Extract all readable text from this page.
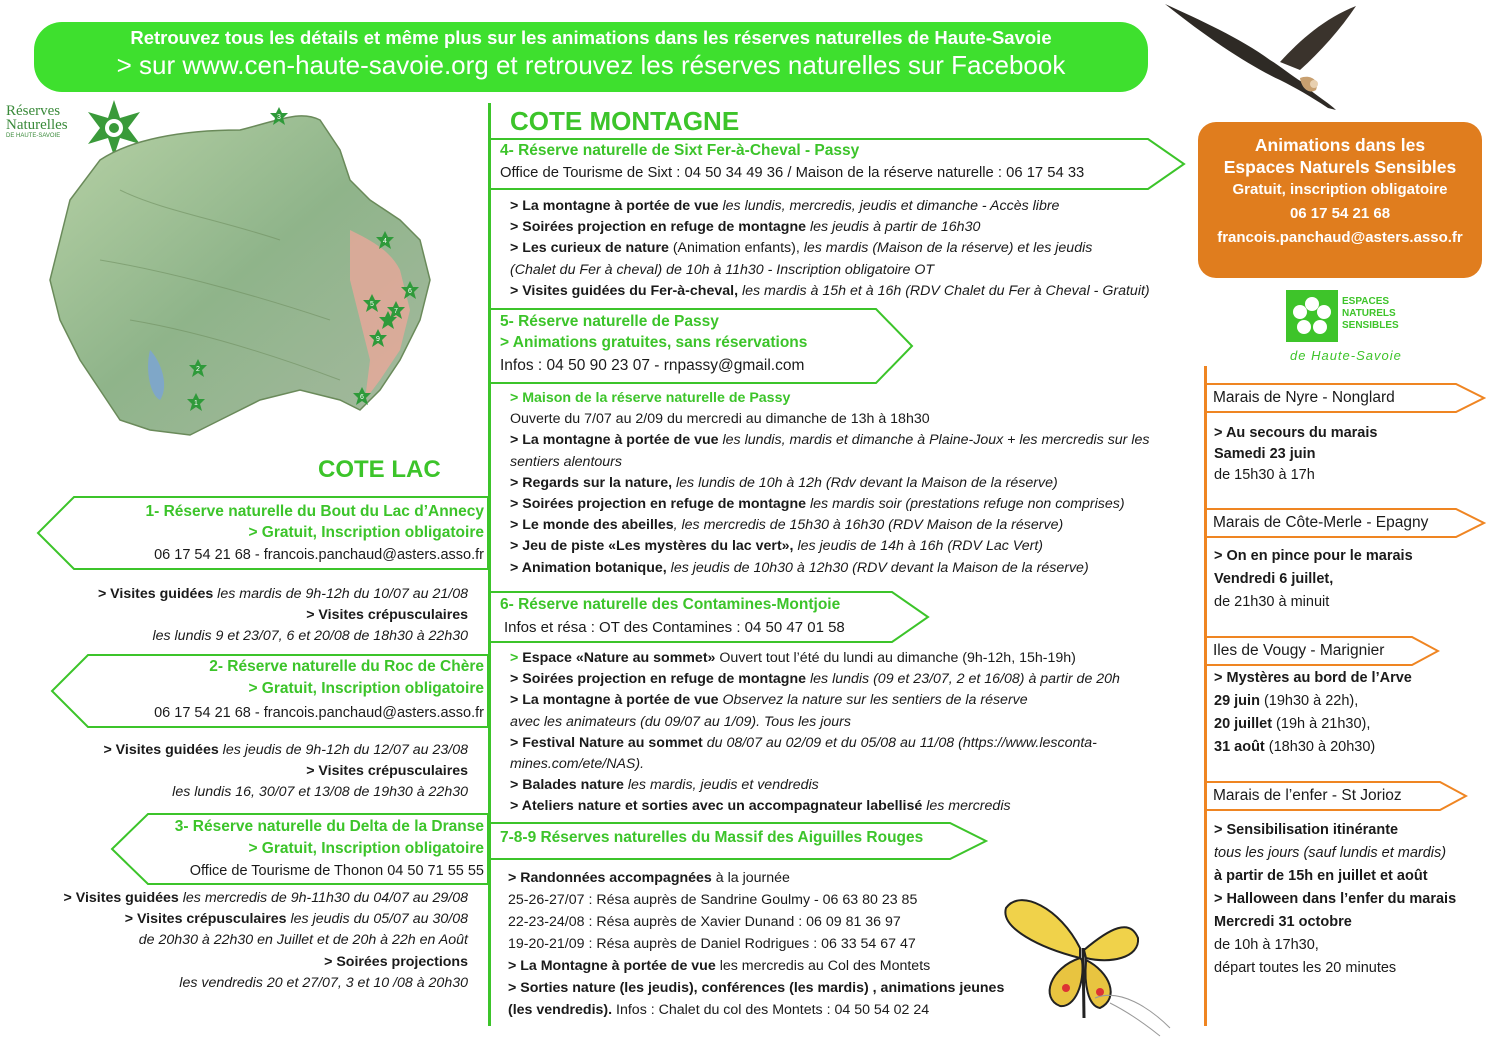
Retrouvez tous les détails et même plus sur les animations dans les réserves naturelles de Haute-Savoie
> sur www.cen-haute-savoie.org et retrouvez les réserves naturelles sur Facebook
Réserves
Naturelles
DE HAUTE-SAVOIE
3
4
5
6
7
9
2
1
6
COTE LAC
1- Réserve naturelle du Bout du Lac d’Annecy
> Gratuit, Inscription obligatoire
06 17 54 21 68 - francois.panchaud@asters.asso.fr
> Visites guidées les mardis de 9h-12h du 10/07 au 21/08
> Visites crépusculaires
les lundis 9 et 23/07, 6 et 20/08 de 18h30 à 22h30
2- Réserve naturelle du Roc de Chère
> Gratuit, Inscription obligatoire
06 17 54 21 68 - francois.panchaud@asters.asso.fr
> Visites guidées les jeudis de 9h-12h du 12/07 au 23/08
> Visites crépusculaires
les lundis 16, 30/07 et 13/08 de 19h30 à 22h30
3- Réserve naturelle du Delta de la Dranse
> Gratuit, Inscription obligatoire
Office de Tourisme de Thonon 04 50 71 55 55
> Visites guidées les mercredis de 9h-11h30 du 04/07 au 29/08
> Visites crépusculaires les jeudis du 05/07 au 30/08
de 20h30 à 22h30 en Juillet et de 20h à 22h en Août
> Soirées projections
les vendredis 20 et 27/07, 3 et 10 /08 à 20h30
COTE MONTAGNE
4- Réserve naturelle de Sixt Fer-à-Cheval - Passy
Office de Tourisme de Sixt : 04 50 34 49 36 / Maison de la réserve naturelle : 06 17 54 33
> La montagne à portée de vue les lundis, mercredis, jeudis et dimanche - Accès libre
> Soirées projection en refuge de montagne les jeudis à partir de 16h30
> Les curieux de nature (Animation enfants), les mardis (Maison de la réserve) et les jeudis
(Chalet du Fer à cheval) de 10h à 11h30 - Inscription obligatoire OT
> Visites guidées du Fer-à-cheval, les mardis à 15h et à 16h (RDV Chalet du Fer à Cheval - Gratuit)
5- Réserve naturelle de Passy
> Animations gratuites, sans réservations
Infos : 04 50 90 23 07 - rnpassy@gmail.com
> Maison de la réserve naturelle de Passy
Ouverte du 7/07 au 2/09 du mercredi au dimanche de 13h à 18h30
> La montagne à portée de vue les lundis, mardis et dimanche à Plaine-Joux + les mercredis sur les
sentiers alentours
> Regards sur la nature, les lundis de 10h à 12h (Rdv devant la Maison de la réserve)
> Soirées projection en refuge de montagne les mardis soir (prestations refuge non comprises)
> Le monde des abeilles, les mercredis de 15h30 à 16h30 (RDV Maison de la réserve)
> Jeu de piste «Les mystères du lac vert», les jeudis de 14h à 16h (RDV Lac Vert)
> Animation botanique, les jeudis de 10h30 à 12h30 (RDV devant la Maison de la réserve)
6- Réserve naturelle des Contamines-Montjoie
Infos et résa : OT des Contamines : 04 50 47 01 58
> Espace «Nature au sommet» Ouvert tout l’été du lundi au dimanche (9h-12h, 15h-19h)
> Soirées projection en refuge de montagne les lundis (09 et 23/07, 2 et 16/08) à partir de 20h
> La montagne à portée de vue Observez la nature sur les sentiers de la réserve
avec les animateurs (du 09/07 au 1/09). Tous les jours
> Festival Nature au sommet du 08/07 au 02/09 et du 05/08 au 11/08 (https://www.lesconta-
mines.com/ete/NAS).
> Balades nature les mardis, jeudis et vendredis
> Ateliers nature et sorties avec un accompagnateur labellisé les mercredis
7-8-9 Réserves naturelles du Massif des Aiguilles Rouges
> Randonnées accompagnées à la journée
25-26-27/07 : Résa auprès de Sandrine Goulmy - 06 63 80 23 85
22-23-24/08 : Résa auprès de Xavier Dunand : 06 09 81 36 97
19-20-21/09 : Résa auprès de Daniel Rodrigues : 06 33 54 67 47
> La Montagne à portée de vue les mercredis au Col des Montets
> Sorties nature (les jeudis), conférences (les mardis) , animations jeunes
(les vendredis). Infos : Chalet du col des Montets : 04 50 54 02 24
Animations dans les
Espaces Naturels Sensibles
Gratuit, inscription obligatoire
06 17 54 21 68
francois.panchaud@asters.asso.fr
ESPACES
NATURELS
SENSIBLES
de Haute-Savoie
Marais de Nyre - Nonglard
> Au secours du marais
Samedi 23 juin
de 15h30 à 17h
Marais de Côte-Merle - Epagny
> On en pince pour le marais
Vendredi 6 juillet,
de 21h30 à minuit
Iles de Vougy - Marignier
> Mystères au bord de l’Arve
29 juin (19h30 à 22h),
20 juillet (19h à 21h30),
31 août (18h30 à 20h30)
Marais de l’enfer - St Jorioz
> Sensibilisation itinérante
tous les jours (sauf lundis et mardis)
à partir de 15h en juillet et août
> Halloween dans l’enfer du marais
Mercredi 31 octobre
de 10h à 17h30,
départ toutes les 20 minutes
